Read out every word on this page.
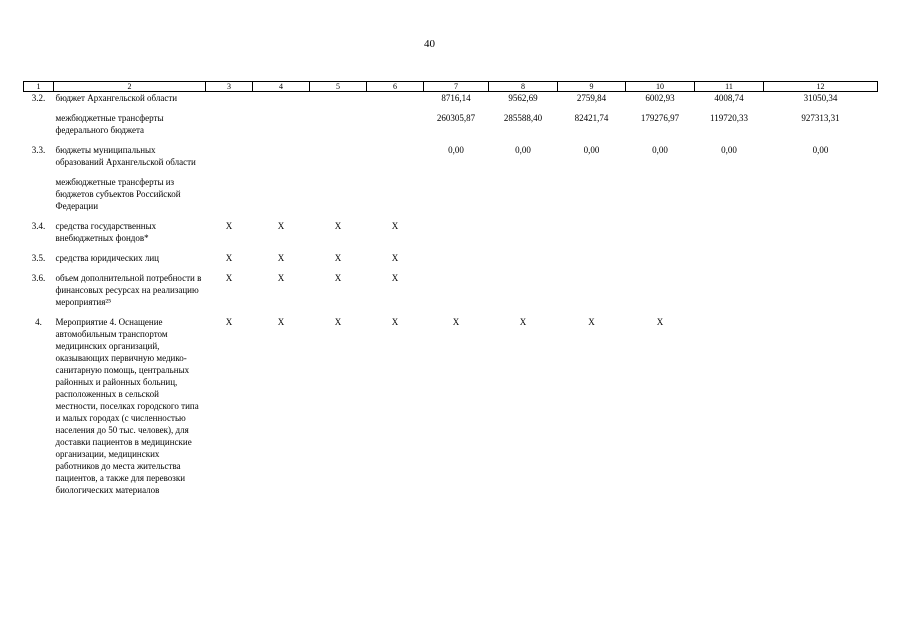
40
1	2	3	4	5	6	7	8	9	10	11	12
3.2.	бюджет Архангельской области					8716,14	9562,69	2759,84	6002,93	4008,74	31050,34
	межбюджетные трансферты федерального бюджета					260305,87	285588,40	82421,74	179276,97	119720,33	927313,31
3.3.	бюджеты муниципальных образований Архангельской области					0,00	0,00	0,00	0,00	0,00	0,00
	межбюджетные трансферты из бюджетов субъектов Российской Федерации										
3.4.	средства государственных внебюджетных фондов*	X	X	X	X						
3.5.	средства юридических лиц	X	X	X	X						
3.6.	объем дополнительной потребности в финансовых ресурсах на реализацию мероприятия²⁵	X	X	X	X						
4.	Мероприятие 4. Оснащение автомобильным транспортом медицинских организаций, оказывающих первичную медико-санитарную помощь, центральных районных и районных больниц, расположенных в сельской местности, поселках городского типа и малых городах (с численностью населения до 50 тыс. человек), для доставки пациентов в медицинские организации, медицинских работников до места жительства пациентов, а также для перевозки биологических материалов	X	X	X	X	X	X	X	X		
